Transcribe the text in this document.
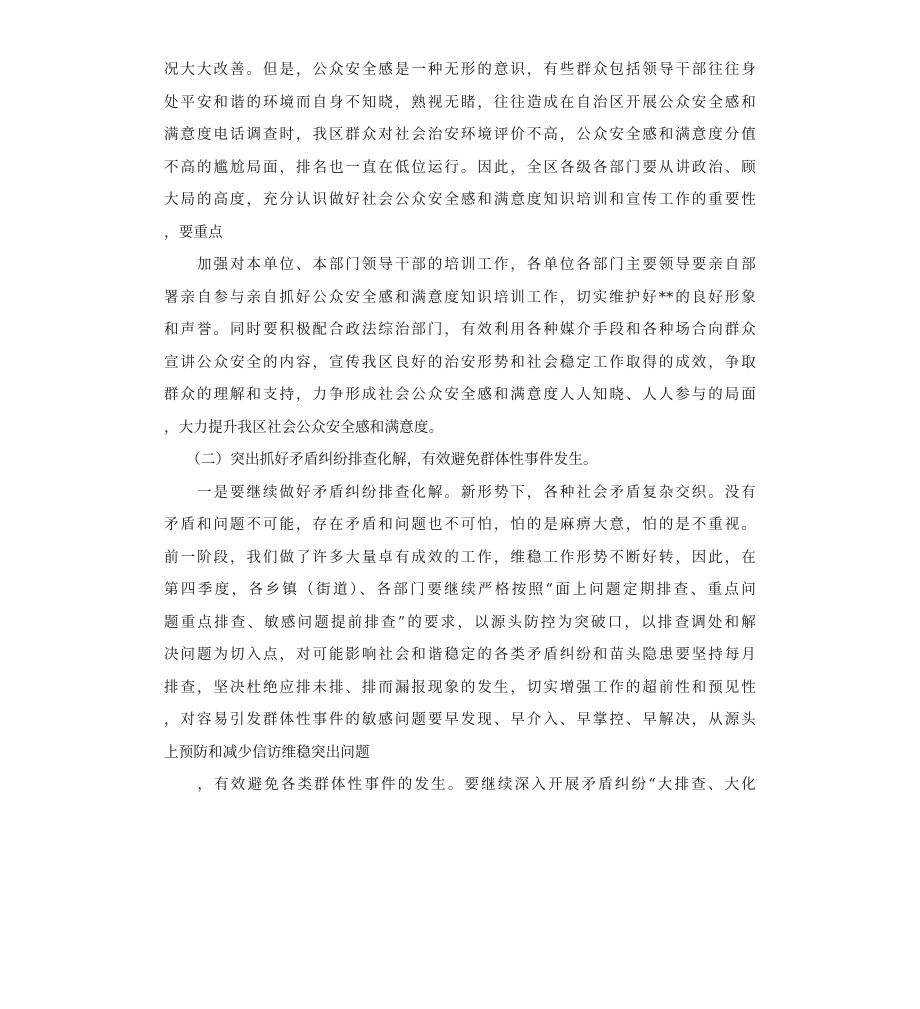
况大大改善。但是，公众安全感是一种无形的意识，有些群众包括领导干部往往身
处平安和谐的环境而自身不知晓，熟视无睹，往往造成在自治区开展公众安全感和
满意度电话调查时，我区群众对社会治安环境评价不高，公众安全感和满意度分值
不高的尴尬局面，排名也一直在低位运行。因此，全区各级各部门要从讲政治、顾
大局的高度，充分认识做好社会公众安全感和满意度知识培训和宣传工作的重要性
，要重点
　　加强对本单位、本部门领导干部的培训工作，各单位各部门主要领导要亲自部
署亲自参与亲自抓好公众安全感和满意度知识培训工作，切实维护好**的良好形象
和声誉。同时要积极配合政法综治部门，有效利用各种媒介手段和各种场合向群众
宣讲公众安全的内容，宣传我区良好的治安形势和社会稳定工作取得的成效，争取
群众的理解和支持，力争形成社会公众安全感和满意度人人知晓、人人参与的局面
，大力提升我区社会公众安全感和满意度。
　　（二）突出抓好矛盾纠纷排查化解，有效避免群体性事件发生。
　　一是要继续做好矛盾纠纷排查化解。新形势下，各种社会矛盾复杂交织。没有
矛盾和问题不可能，存在矛盾和问题也不可怕，怕的是麻痹大意，怕的是不重视。
前一阶段，我们做了许多大量卓有成效的工作，维稳工作形势不断好转，因此，在
第四季度，各乡镇（街道）、各部门要继续严格按照“面上问题定期排查、重点问
题重点排查、敏感问题提前排查”的要求，以源头防控为突破口，以排查调处和解
决问题为切入点，对可能影响社会和谐稳定的各类矛盾纠纷和苗头隐患要坚持每月
排查，坚决杜绝应排未排、排而漏报现象的发生，切实增强工作的超前性和预见性
，对容易引发群体性事件的敏感问题要早发现、早介入、早掌控、早解决，从源头
上预防和减少信访维稳突出问题
　　，有效避免各类群体性事件的发生。要继续深入开展矛盾纠纷“大排查、大化
